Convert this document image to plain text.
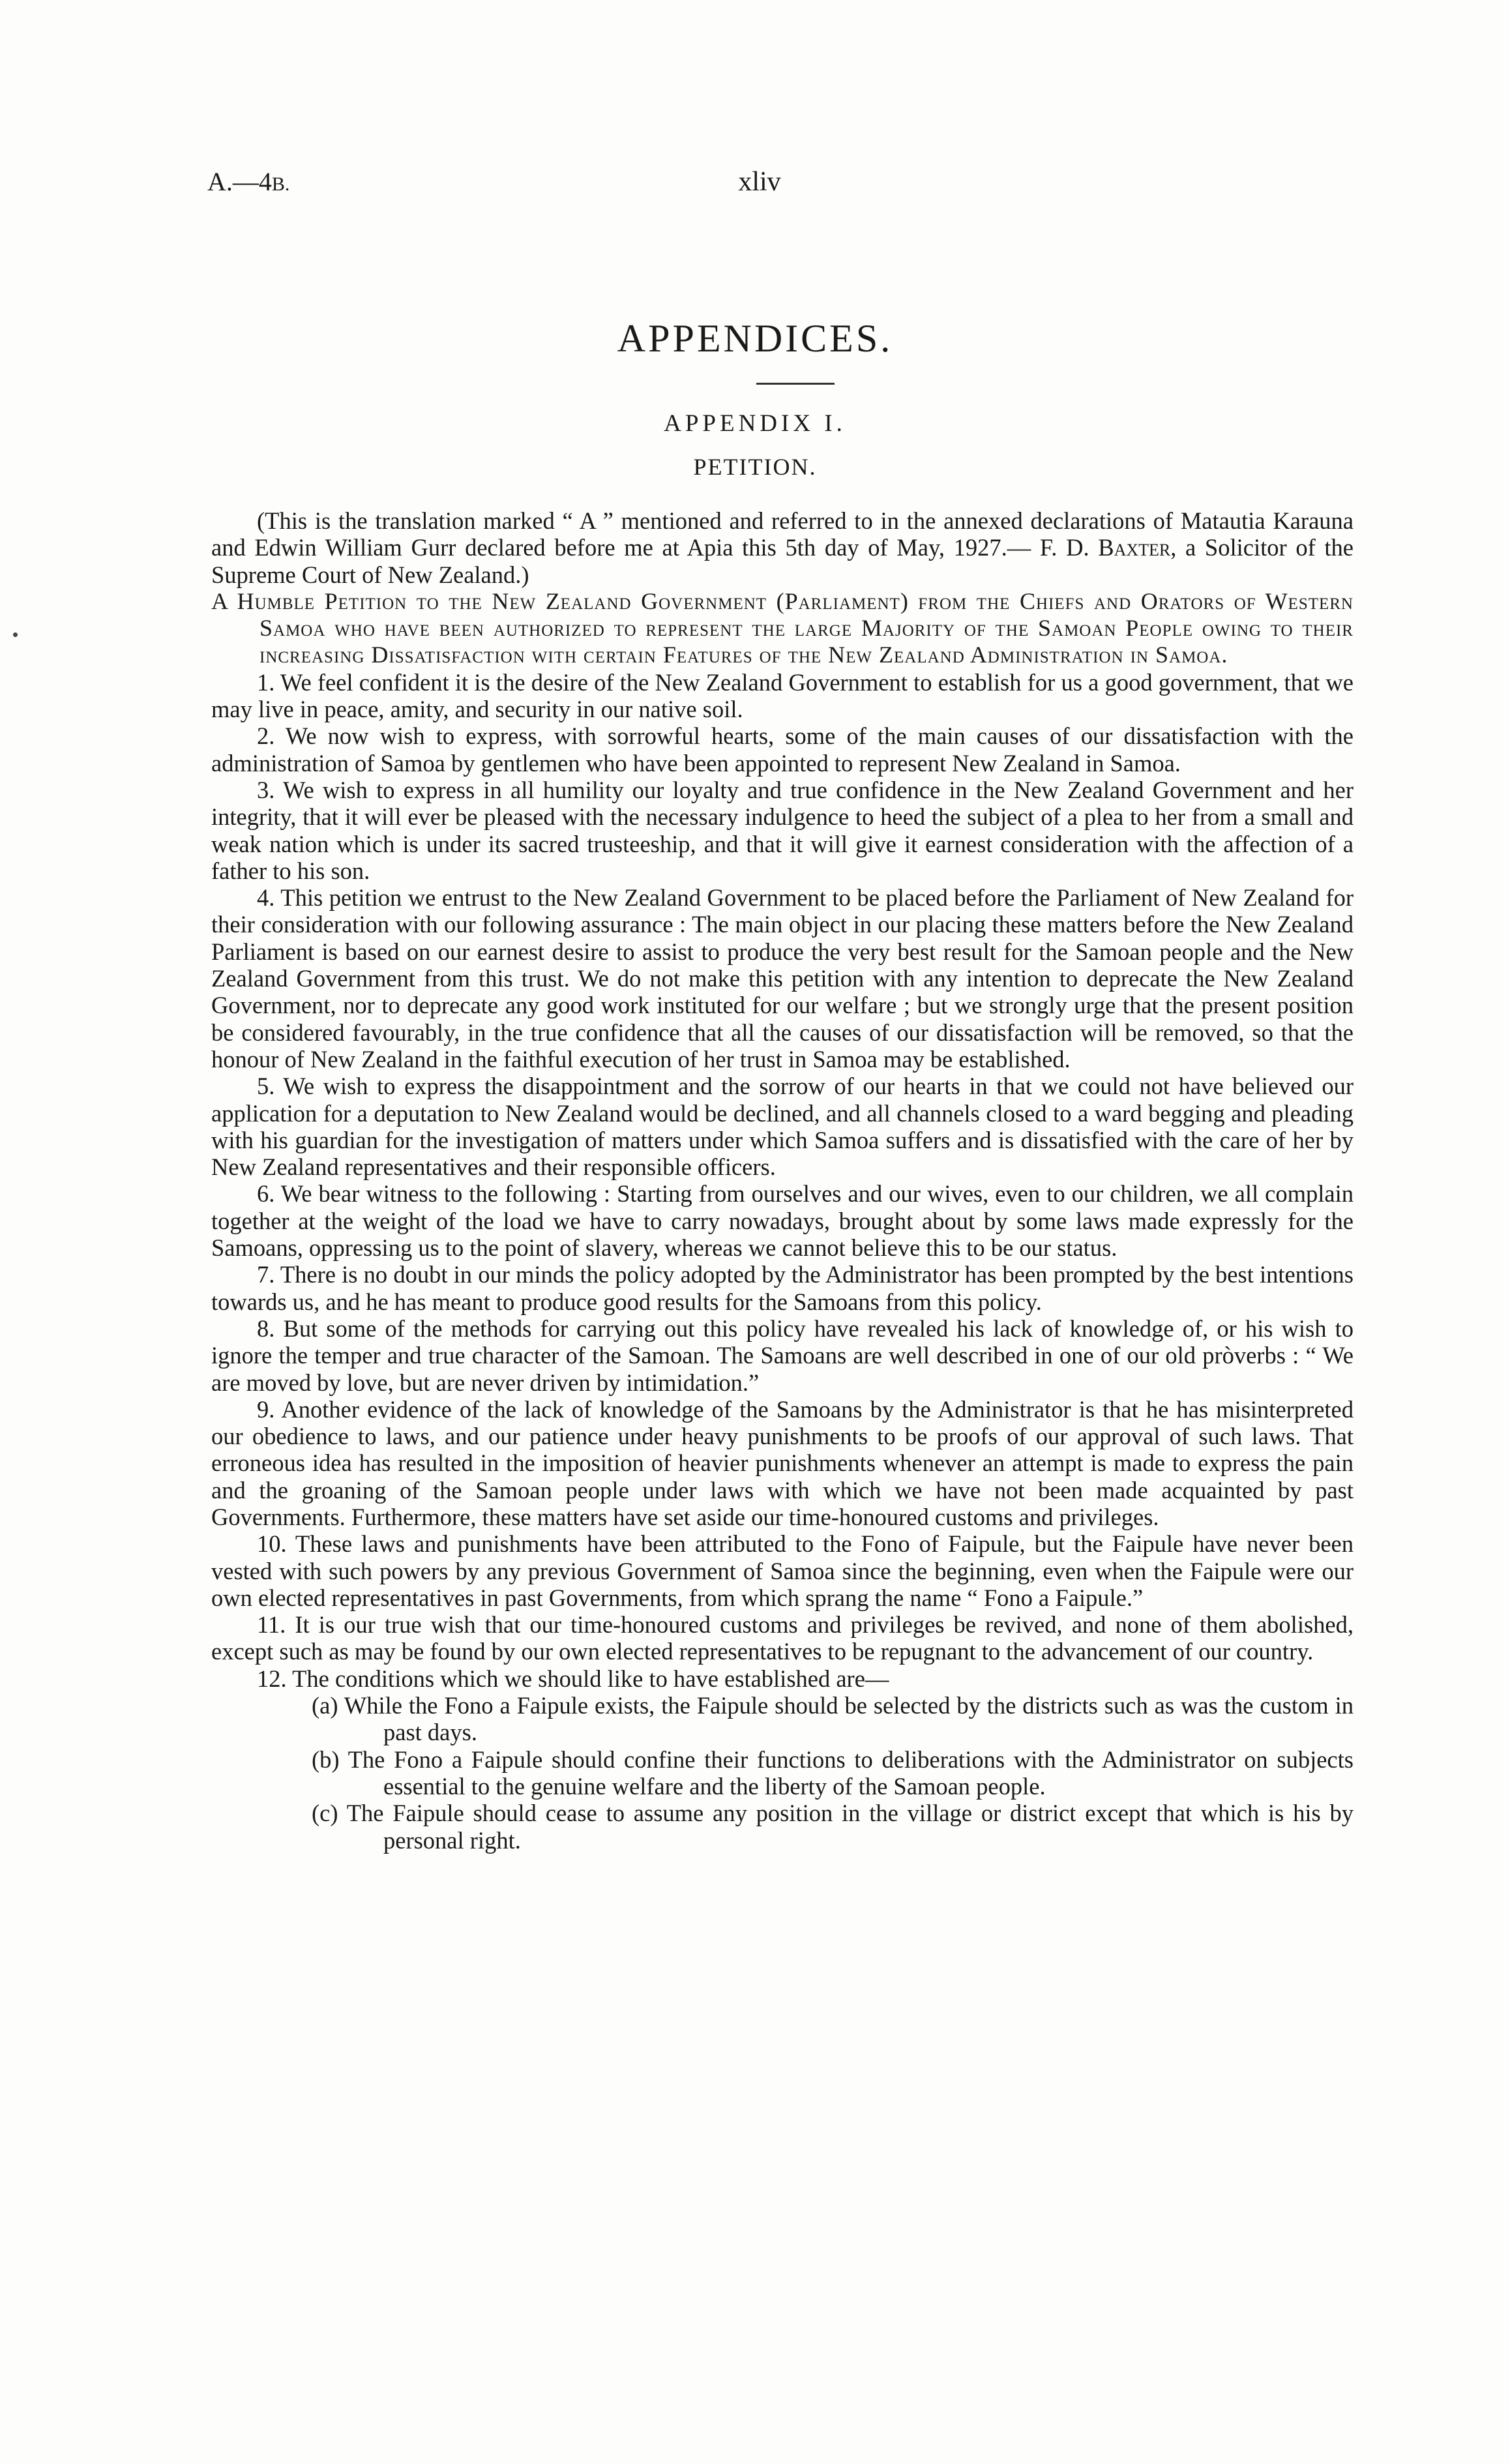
A.—4B.	xliv
APPENDICES.
APPENDIX I.
PETITION.

(This is the translation marked “ A ” mentioned and referred to in the annexed declarations of Matautia Karauna and Edwin William Gurr declared before me at Apia this 5th day of May, 1927.— F. D. Baxter, a Solicitor of the Supreme Court of New Zealand.)

A Humble Petition to the New Zealand Government (Parliament) from the Chiefs and Orators of Western Samoa who have been authorized to represent the large Majority of the Samoan People owing to their increasing Dissatisfaction with certain Features of the New Zealand Administration in Samoa.

1. We feel confident it is the desire of the New Zealand Government to establish for us a good government, that we may live in peace, amity, and security in our native soil.

2. We now wish to express, with sorrowful hearts, some of the main causes of our dissatisfaction with the administration of Samoa by gentlemen who have been appointed to represent New Zealand in Samoa.

3. We wish to express in all humility our loyalty and true confidence in the New Zealand Government and her integrity, that it will ever be pleased with the necessary indulgence to heed the subject of a plea to her from a small and weak nation which is under its sacred trusteeship, and that it will give it earnest consideration with the affection of a father to his son.

4. This petition we entrust to the New Zealand Government to be placed before the Parliament of New Zealand for their consideration with our following assurance : The main object in our placing these matters before the New Zealand Parliament is based on our earnest desire to assist to produce the very best result for the Samoan people and the New Zealand Government from this trust. We do not make this petition with any intention to deprecate the New Zealand Government, nor to deprecate any good work instituted for our welfare ; but we strongly urge that the present position be considered favourably, in the true confidence that all the causes of our dissatisfaction will be removed, so that the honour of New Zealand in the faithful execution of her trust in Samoa may be established.

5. We wish to express the disappointment and the sorrow of our hearts in that we could not have believed our application for a deputation to New Zealand would be declined, and all channels closed to a ward begging and pleading with his guardian for the investigation of matters under which Samoa suffers and is dissatisfied with the care of her by New Zealand representatives and their responsible officers.

6. We bear witness to the following : Starting from ourselves and our wives, even to our children, we all complain together at the weight of the load we have to carry nowadays, brought about by some laws made expressly for the Samoans, oppressing us to the point of slavery, whereas we cannot believe this to be our status.

7. There is no doubt in our minds the policy adopted by the Administrator has been prompted by the best intentions towards us, and he has meant to produce good results for the Samoans from this policy.

8. But some of the methods for carrying out this policy have revealed his lack of knowledge of, or his wish to ignore the temper and true character of the Samoan. The Samoans are well described in one of our old pròverbs : “ We are moved by love, but are never driven by intimidation.”

9. Another evidence of the lack of knowledge of the Samoans by the Administrator is that he has misinterpreted our obedience to laws, and our patience under heavy punishments to be proofs of our approval of such laws. That erroneous idea has resulted in the imposition of heavier punishments whenever an attempt is made to express the pain and the groaning of the Samoan people under laws with which we have not been made acquainted by past Governments. Furthermore, these matters have set aside our time-honoured customs and privileges.

10. These laws and punishments have been attributed to the Fono of Faipule, but the Faipule have never been vested with such powers by any previous Government of Samoa since the beginning, even when the Faipule were our own elected representatives in past Governments, from which sprang the name “ Fono a Faipule.”

11. It is our true wish that our time-honoured customs and privileges be revived, and none of them abolished, except such as may be found by our own elected representatives to be repugnant to the advancement of our country.

12. The conditions which we should like to have established are—

(a) While the Fono a Faipule exists, the Faipule should be selected by the districts such as was the custom in past days.

(b) The Fono a Faipule should confine their functions to deliberations with the Administrator on subjects essential to the genuine welfare and the liberty of the Samoan people.

(c) The Faipule should cease to assume any position in the village or district except that which is his by personal right.
